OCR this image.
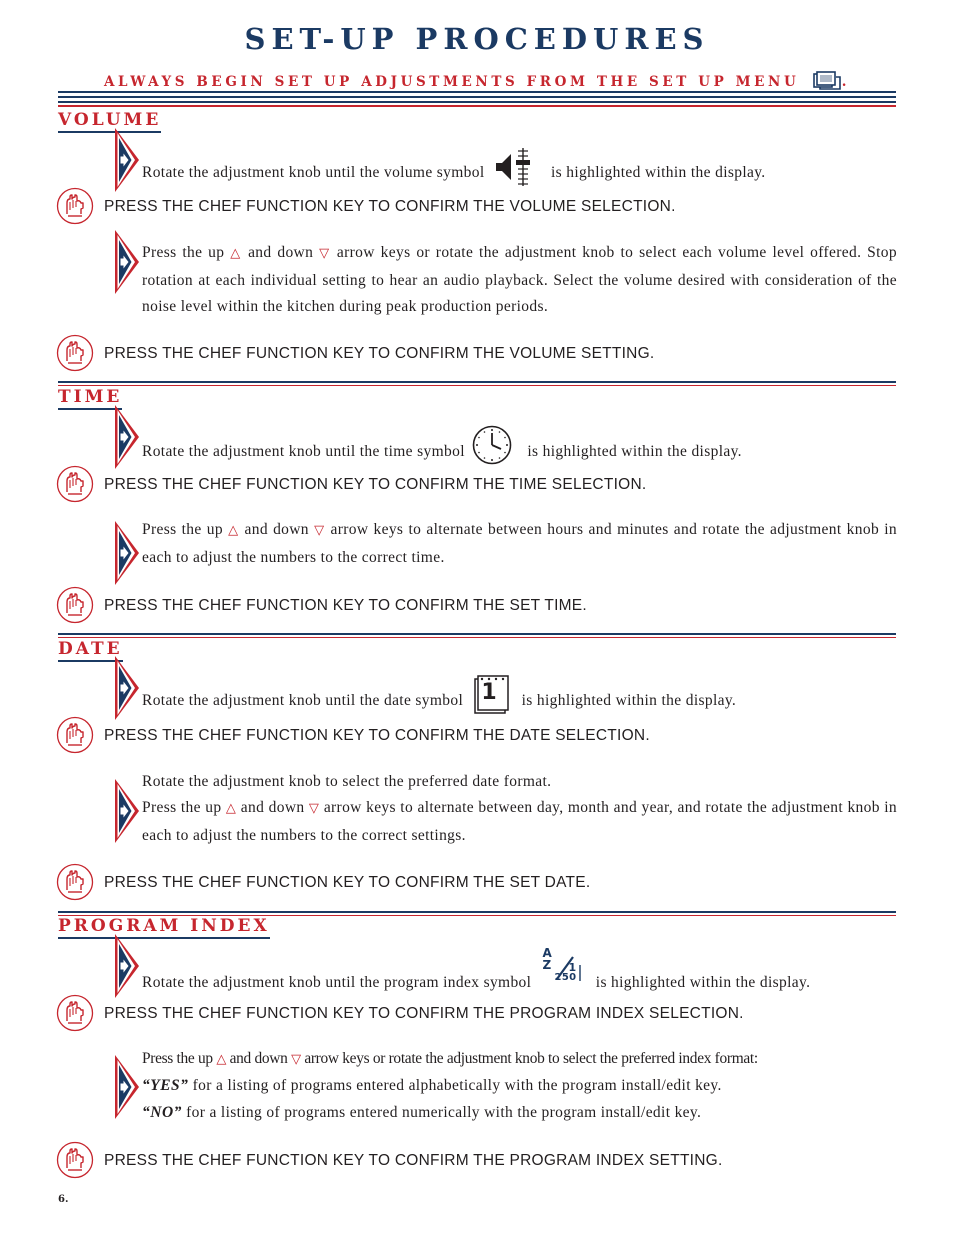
SET-UP PROCEDURES
ALWAYS BEGIN SET UP ADJUSTMENTS FROM THE SET UP MENU	.
VOLUME
Rotate the adjustment knob until the volume symbol	is highlighted within the display.
PRESS THE CHEF FUNCTION KEY TO CONFIRM THE VOLUME SELECTION.
Press the up △ and down ▽ arrow keys or rotate the adjustment knob to select each volume level offered. Stop rotation at each individual setting to hear an audio playback. Select the volume desired with consideration of the noise level within the kitchen during peak production periods.
PRESS THE CHEF FUNCTION KEY TO CONFIRM THE VOLUME SETTING.
TIME
Rotate the adjustment knob until the time symbol	is highlighted within the display.
PRESS THE CHEF FUNCTION KEY TO CONFIRM THE TIME SELECTION.
Press the up △ and down ▽ arrow keys to alternate between hours and minutes and rotate the adjustment knob in each to adjust the numbers to the correct time.
PRESS THE CHEF FUNCTION KEY TO CONFIRM THE SET TIME.
DATE
Rotate the adjustment knob until the date symbol 1 is highlighted within the display.
PRESS THE CHEF FUNCTION KEY TO CONFIRM THE DATE SELECTION.
Rotate the adjustment knob to select the preferred date format.
Press the up △ and down ▽ arrow keys to alternate between day, month and year, and rotate the adjustment knob in each to adjust the numbers to the correct settings.
PRESS THE CHEF FUNCTION KEY TO CONFIRM THE SET DATE.
PROGRAM INDEX
Rotate the adjustment knob until the program index symbol
A
Z 1
250 is highlighted within the display.
PRESS THE CHEF FUNCTION KEY TO CONFIRM THE PROGRAM INDEX SELECTION.
Press the up △ and down ▽ arrow keys or rotate the adjustment knob to select the preferred index format:
“YES” for a listing of programs entered alphabetically with the program install/edit key.
“NO” for a listing of programs entered numerically with the program install/edit key.
PRESS THE CHEF FUNCTION KEY TO CONFIRM THE PROGRAM INDEX SETTING.
6.
